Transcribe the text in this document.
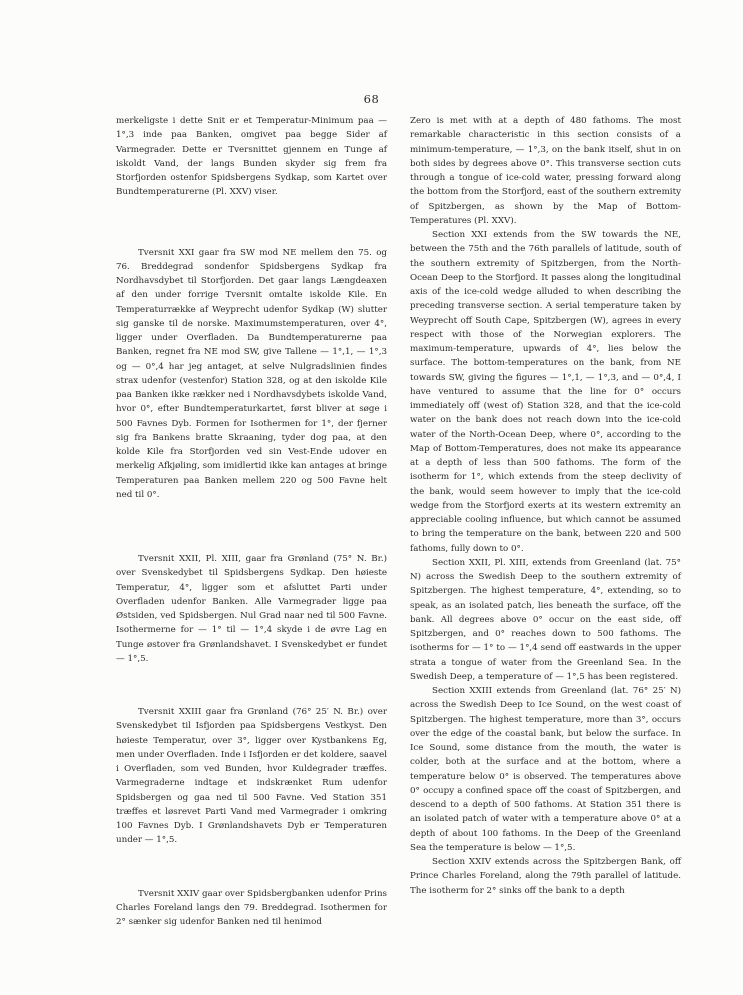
68

merkeligste i dette Snit er et Temperatur-Minimum paa — 1°,3 inde paa Banken, omgivet paa begge Sider af Varmegrader. Dette er Tversnittet gjennem en Tunge af iskoldt Vand, der langs Bunden skyder sig frem fra Storfjorden ostenfor Spidsbergens Sydkap, som Kartet over Bundtemperaturerne (Pl. XXV) viser.

Tversnit XXI gaar fra SW mod NE mellem den 75. og 76. Breddegrad sondenfor Spidsbergens Sydkap fra Nordhavsdybet til Storfjorden. Det gaar langs Længdeaxen af den under forrige Tversnit omtalte iskolde Kile. En Temperaturrække af Weyprecht udenfor Sydkap (W) slutter sig ganske til de norske. Maximumstemperaturen, over 4°, ligger under Overfladen. Da Bundtemperaturerne paa Banken, regnet fra NE mod SW, give Tallene — 1°,1, — 1°,3 og — 0°,4 har jeg antaget, at selve Nulgradslinien findes strax udenfor (vestenfor) Station 328, og at den iskolde Kile paa Banken ikke rækker ned i Nordhavsdybets iskolde Vand, hvor 0°, efter Bundtemperaturkartet, først bliver at søge i 500 Favnes Dyb. Formen for Isothermen for 1°, der fjerner sig fra Bankens bratte Skraaning, tyder dog paa, at den kolde Kile fra Storfjorden ved sin Vest-Ende udover en merkelig Afkjøling, som imidlertid ikke kan antages at bringe Temperaturen paa Banken mellem 220 og 500 Favne helt ned til 0°.

Tversnit XXII, Pl. XIII, gaar fra Grønland (75° N. Br.) over Svenskedybet til Spidsbergens Sydkap. Den høieste Temperatur, 4°, ligger som et afsluttet Parti under Overfladen udenfor Banken. Alle Varmegrader ligge paa Østsiden, ved Spidsbergen. Nul Grad naar ned til 500 Favne. Isothermerne for — 1° til — 1°,4 skyde i de øvre Lag en Tunge østover fra Grønlandshavet. I Svenskedybet er fundet — 1°,5.

Tversnit XXIII gaar fra Grønland (76° 25′ N. Br.) over Svenskedybet til Isfjorden paa Spidsbergens Vestkyst. Den høieste Temperatur, over 3°, ligger over Kystbankens Eg, men under Overfladen. Inde i Isfjorden er det koldere, saavel i Overfladen, som ved Bunden, hvor Kuldegrader træffes. Varmegraderne indtage et indskrænket Rum udenfor Spidsbergen og gaa ned til 500 Favne. Ved Station 351 træffes et løsrevet Parti Vand med Varmegrader i omkring 100 Favnes Dyb. I Grønlandshavets Dyb er Temperaturen under — 1°,5.

Tversnit XXIV gaar over Spidsbergbanken udenfor Prins Charles Foreland langs den 79. Breddegrad. Isothermen for 2° sænker sig udenfor Banken ned til henimod

Zero is met with at a depth of 480 fathoms. The most remarkable characteristic in this section consists of a minimum-temperature, — 1°,3, on the bank itself, shut in on both sides by degrees above 0°. This transverse section cuts through a tongue of ice-cold water, pressing forward along the bottom from the Storfjord, east of the southern extremity of Spitzbergen, as shown by the Map of Bottom-Temperatures (Pl. XXV).

Section XXI extends from the SW towards the NE, between the 75th and the 76th parallels of latitude, south of the southern extremity of Spitzbergen, from the North-Ocean Deep to the Storfjord. It passes along the longitudinal axis of the ice-cold wedge alluded to when describing the preceding transverse section. A serial temperature taken by Weyprecht off South Cape, Spitzbergen (W), agrees in every respect with those of the Norwegian explorers. The maximum-temperature, upwards of 4°, lies below the surface. The bottom-temperatures on the bank, from NE towards SW, giving the figures — 1°,1, — 1°,3, and — 0°,4, I have ventured to assume that the line for 0° occurs immediately off (west of) Station 328, and that the ice-cold water on the bank does not reach down into the ice-cold water of the North-Ocean Deep, where 0°, according to the Map of Bottom-Temperatures, does not make its appearance at a depth of less than 500 fathoms. The form of the isotherm for 1°, which extends from the steep declivity of the bank, would seem however to imply that the ice-cold wedge from the Storfjord exerts at its western extremity an appreciable cooling influence, but which cannot be assumed to bring the temperature on the bank, between 220 and 500 fathoms, fully down to 0°.

Section XXII, Pl. XIII, extends from Greenland (lat. 75° N) across the Swedish Deep to the southern extremity of Spitzbergen. The highest temperature, 4°, extending, so to speak, as an isolated patch, lies beneath the surface, off the bank. All degrees above 0° occur on the east side, off Spitzbergen, and 0° reaches down to 500 fathoms. The isotherms for — 1° to — 1°,4 send off eastwards in the upper strata a tongue of water from the Greenland Sea. In the Swedish Deep, a temperature of — 1°,5 has been registered.

Section XXIII extends from Greenland (lat. 76° 25′ N) across the Swedish Deep to Ice Sound, on the west coast of Spitzbergen. The highest temperature, more than 3°, occurs over the edge of the coastal bank, but below the surface. In Ice Sound, some distance from the mouth, the water is colder, both at the surface and at the bottom, where a temperature below 0° is observed. The temperatures above 0° occupy a confined space off the coast of Spitzbergen, and descend to a depth of 500 fathoms. At Station 351 there is an isolated patch of water with a temperature above 0° at a depth of about 100 fathoms. In the Deep of the Greenland Sea the temperature is below — 1°,5.

Section XXIV extends across the Spitzbergen Bank, off Prince Charles Foreland, along the 79th parallel of latitude. The isotherm for 2° sinks off the bank to a depth
